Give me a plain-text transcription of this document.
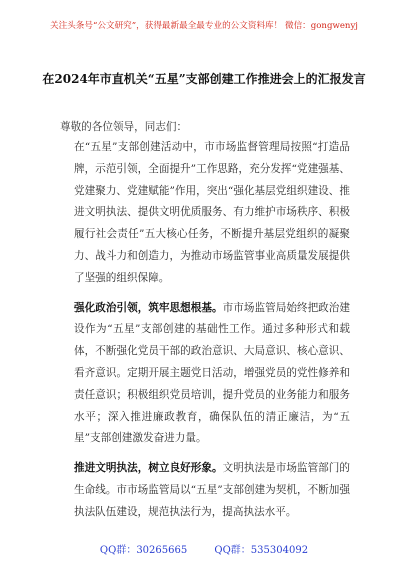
关注头条号“公文研究”，获得最新最全最专业的公文资料库！ 微信：gongwenyj
在2024年市直机关“五星”支部创建工作推进会上的汇报发言
尊敬的各位领导，同志们：

在“五星”支部创建活动中，市市场监督管理局按照“打造品牌，示范引领，全面提升”工作思路，充分发挥“党建强基、党建聚力、党建赋能”作用，突出“强化基层党组织建设、推进文明执法、提供文明优质服务、有力维护市场秩序、积极履行社会责任”五大核心任务，不断提升基层党组织的凝聚力、战斗力和创造力，为推动市场监管事业高质量发展提供了坚强的组织保障。

强化政治引领，筑牢思想根基。市市场监管局始终把政治建设作为“五星”支部创建的基础性工作。通过多种形式和载体，不断强化党员干部的政治意识、大局意识、核心意识、看齐意识。定期开展主题党日活动，增强党员的党性修养和责任意识；积极组织党员培训，提升党员的业务能力和服务水平；深入推进廉政教育，确保队伍的清正廉洁，为“五星”支部创建激发奋进力量。

推进文明执法，树立良好形象。文明执法是市场监管部门的生命线。市市场监管局以“五星”支部创建为契机，不断加强执法队伍建设，规范执法行为，提高执法水平。

QQ群：30265665	QQ群：535304092
